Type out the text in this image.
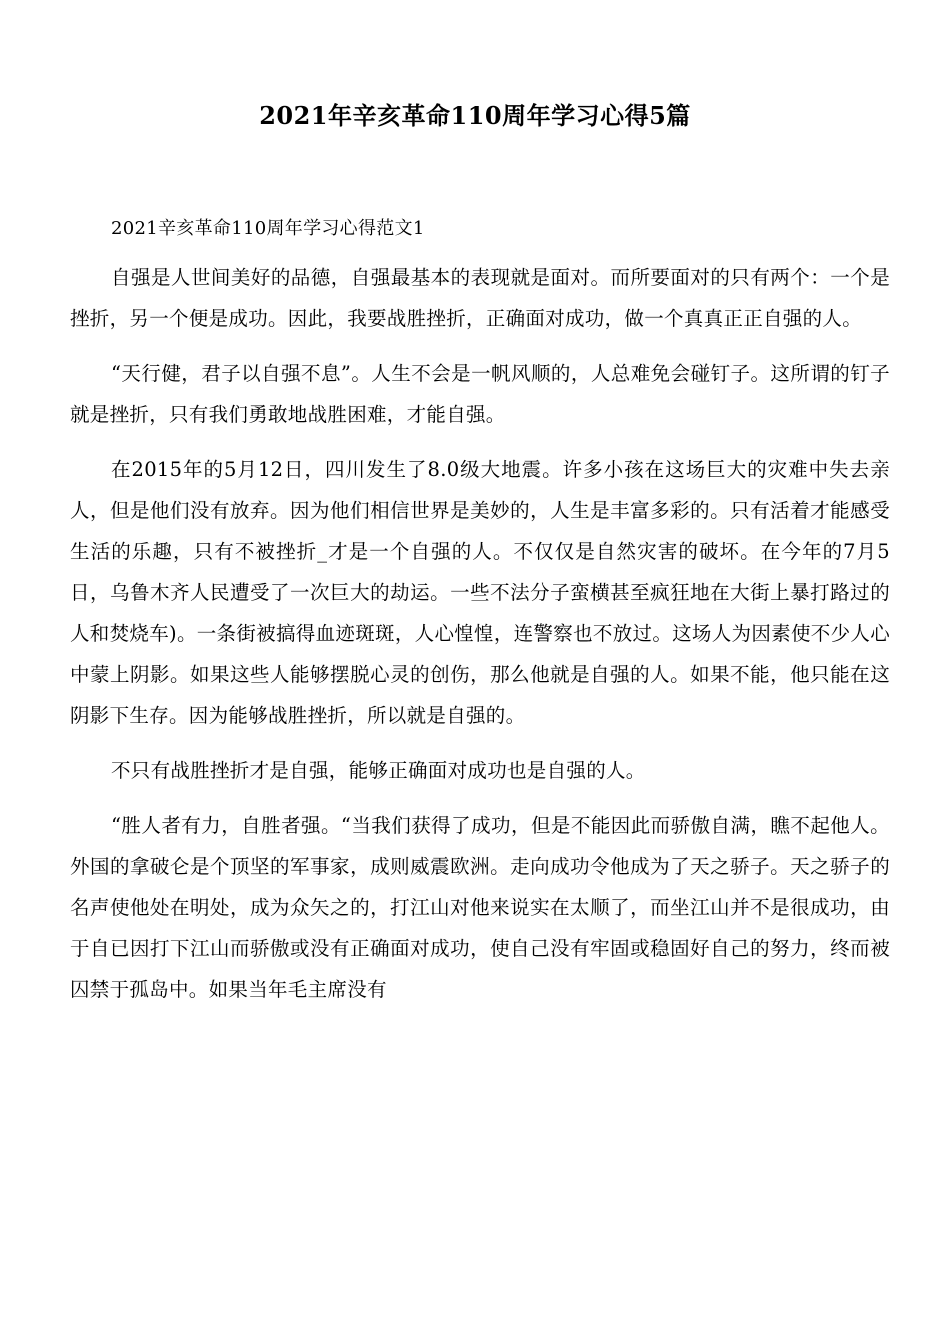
2021年辛亥革命110周年学习心得5篇

2021辛亥革命110周年学习心得范文1

自强是人世间美好的品德，自强最基本的表现就是面对。而所要面对的只有两个：一个是挫折，另一个便是成功。因此，我要战胜挫折，正确面对成功，做一个真真正正自强的人。

“天行健，君子以自强不息”。人生不会是一帆风顺的，人总难免会碰钉子。这所谓的钉子就是挫折，只有我们勇敢地战胜困难，才能自强。

在2015年的5月12日，四川发生了8.0级大地震。许多小孩在这场巨大的灾难中失去亲人，但是他们没有放弃。因为他们相信世界是美妙的，人生是丰富多彩的。只有活着才能感受生活的乐趣，只有不被挫折_才是一个自强的人。不仅仅是自然灾害的破坏。在今年的7月5日，乌鲁木齐人民遭受了一次巨大的劫运。一些不法分子蛮横甚至疯狂地在大街上暴打路过的人和焚烧车)。一条街被搞得血迹斑斑，人心惶惶，连警察也不放过。这场人为因素使不少人心中蒙上阴影。如果这些人能够摆脱心灵的创伤，那么他就是自强的人。如果不能，他只能在这阴影下生存。因为能够战胜挫折，所以就是自强的。

不只有战胜挫折才是自强，能够正确面对成功也是自强的人。

“胜人者有力，自胜者强。“当我们获得了成功，但是不能因此而骄傲自满，瞧不起他人。外国的拿破仑是个顶坚的军事家，成则威震欧洲。走向成功令他成为了天之骄子。天之骄子的名声使他处在明处，成为众矢之的，打江山对他来说实在太顺了，而坐江山并不是很成功，由于自已因打下江山而骄傲或没有正确面对成功，使自己没有牢固或稳固好自己的努力，终而被囚禁于孤岛中。如果当年毛主席没有
